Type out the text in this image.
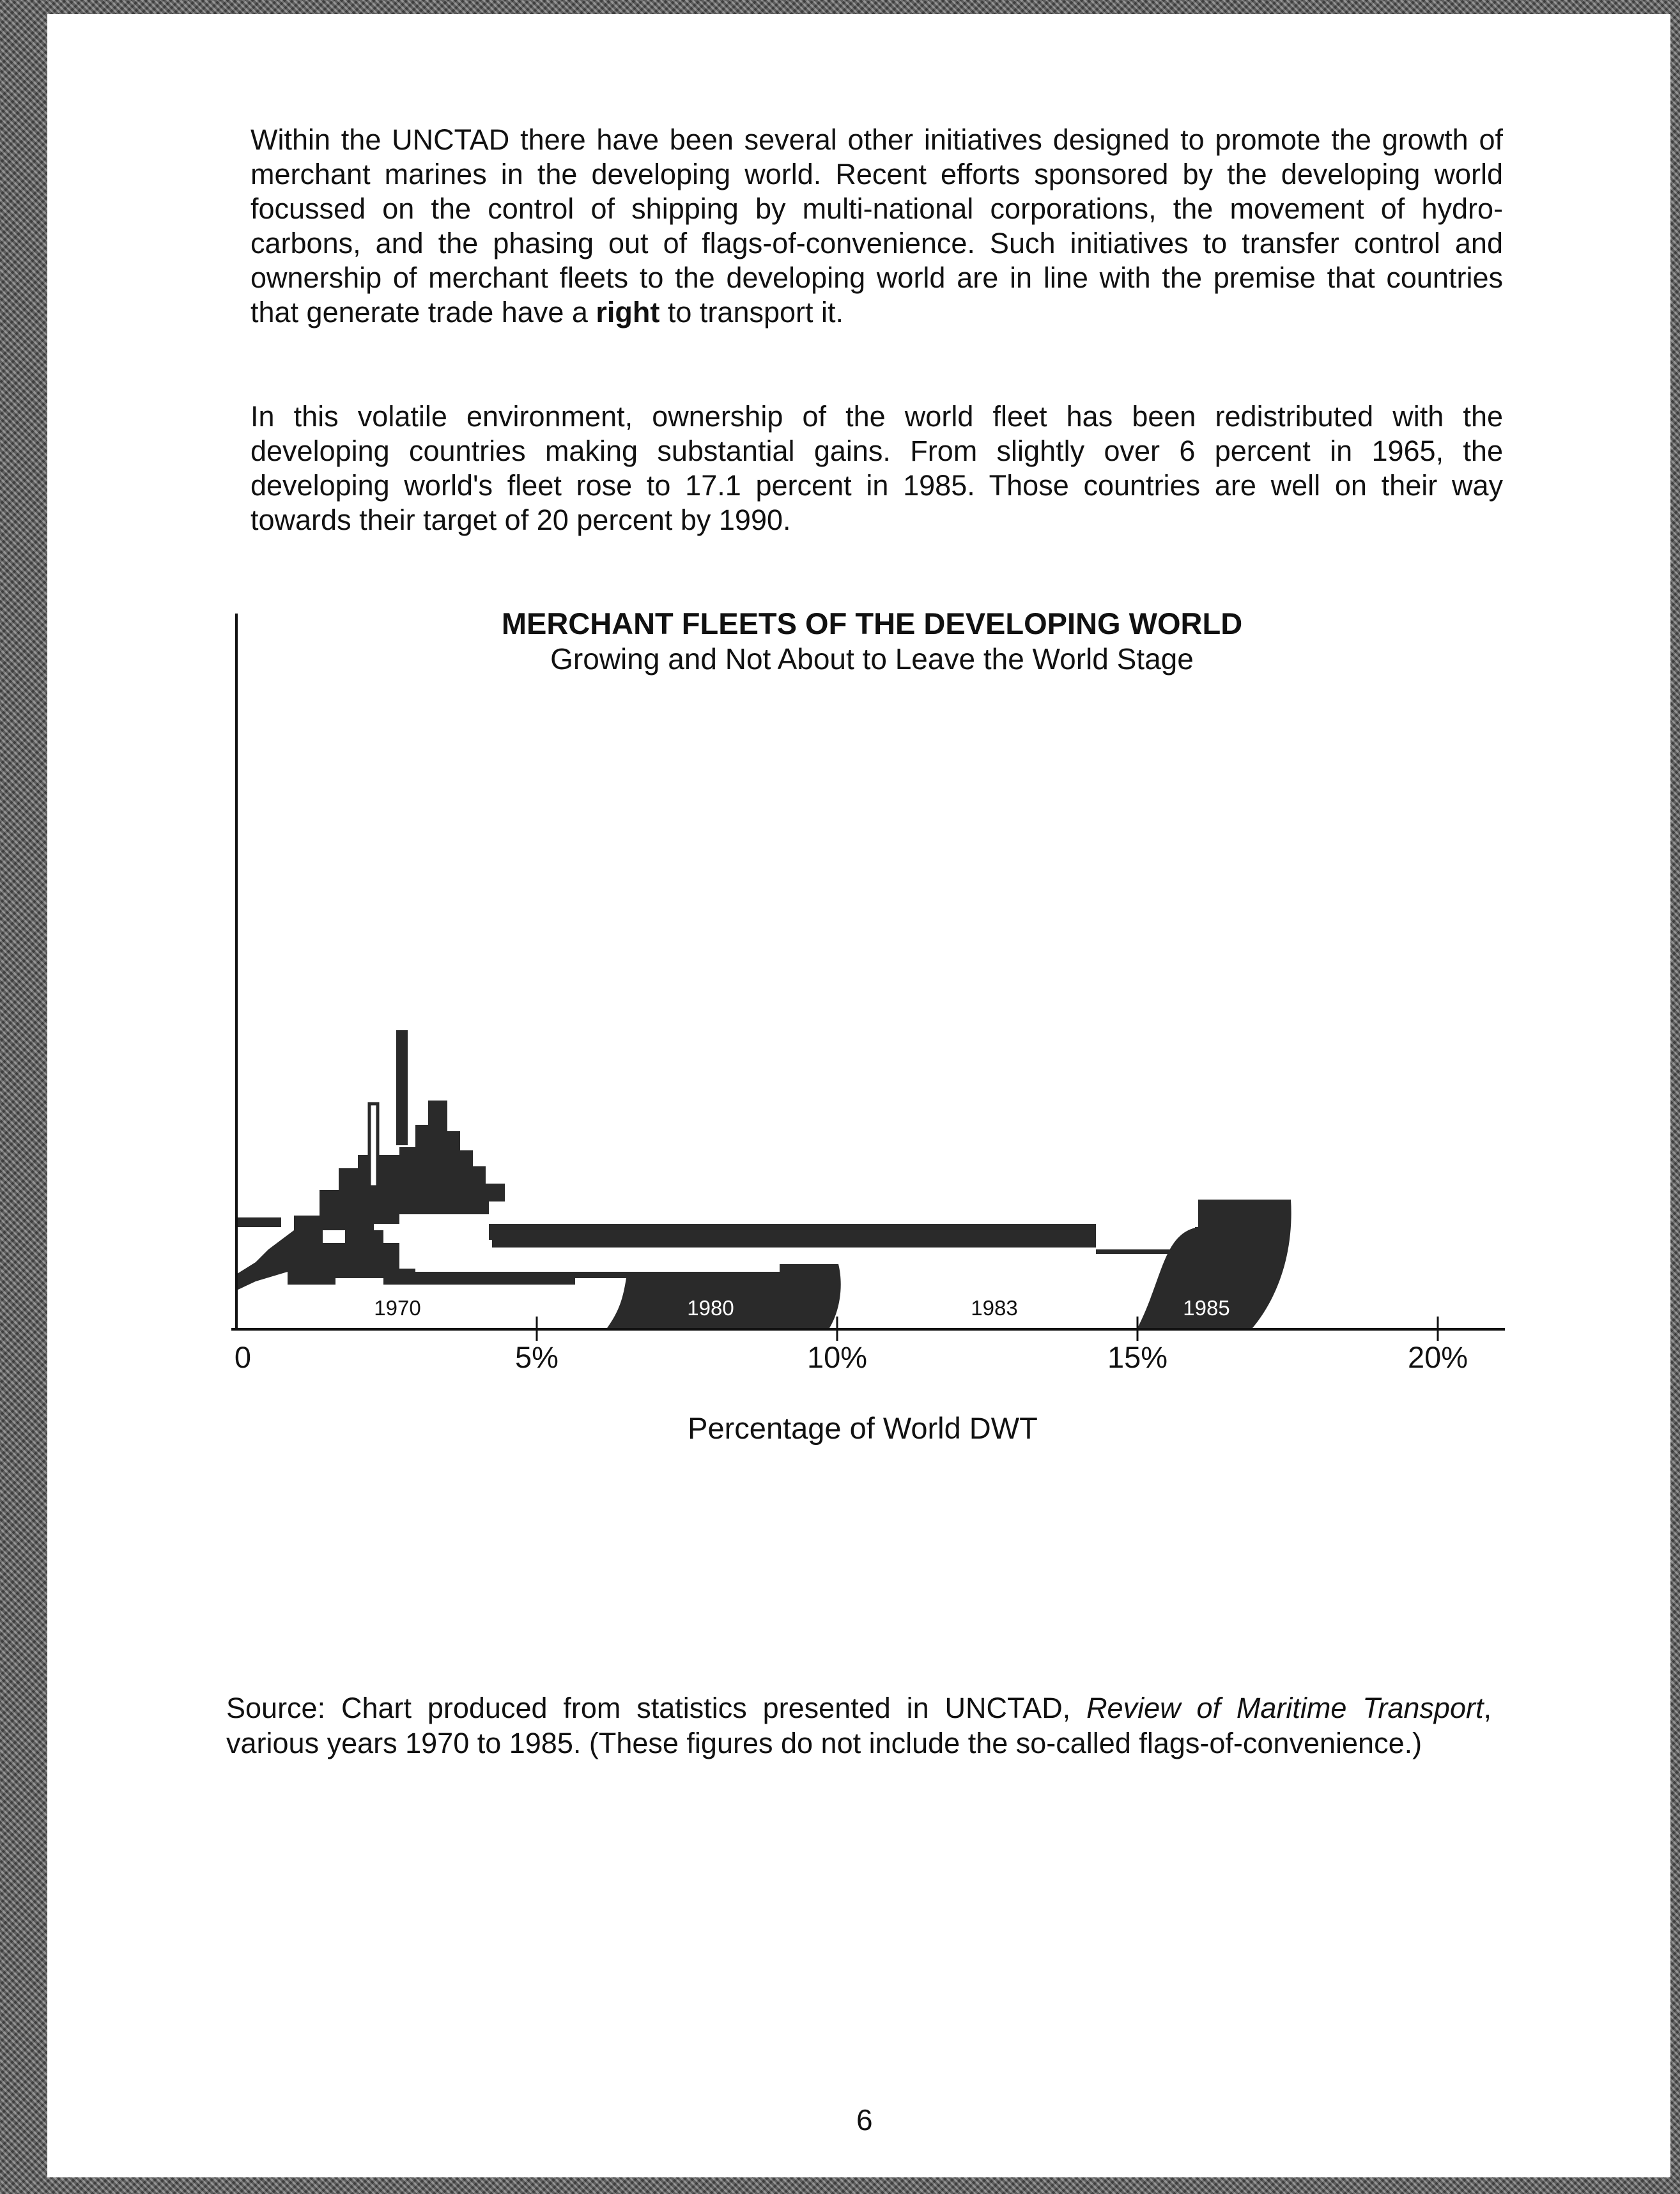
Within the UNCTAD there have been several other initiatives designed to promote the growth of merchant marines in the developing world. Recent efforts sponsored by the developing world focussed on the control of shipping by multi-national corporations, the movement of hydro-carbons, and the phasing out of flags-of-convenience. Such initiatives to transfer control and ownership of merchant fleets to the developing world are in line with the premise that countries that generate trade have a right to transport it.

In this volatile environment, ownership of the world fleet has been redistributed with the developing countries making substantial gains. From slightly over 6 percent in 1965, the developing world's fleet rose to 17.1 percent in 1985. Those countries are well on their way towards their target of 20 percent by 1990.

MERCHANT FLEETS OF THE DEVELOPING WORLD
Growing and Not About to Leave the World Stage
1970	1980	1983	1985
0	5%	10%	15%	20%
Percentage of World DWT

Source: Chart produced from statistics presented in UNCTAD, Review of Maritime Transport, various years 1970 to 1985. (These figures do not include the so-called flags-of-convenience.)

6
